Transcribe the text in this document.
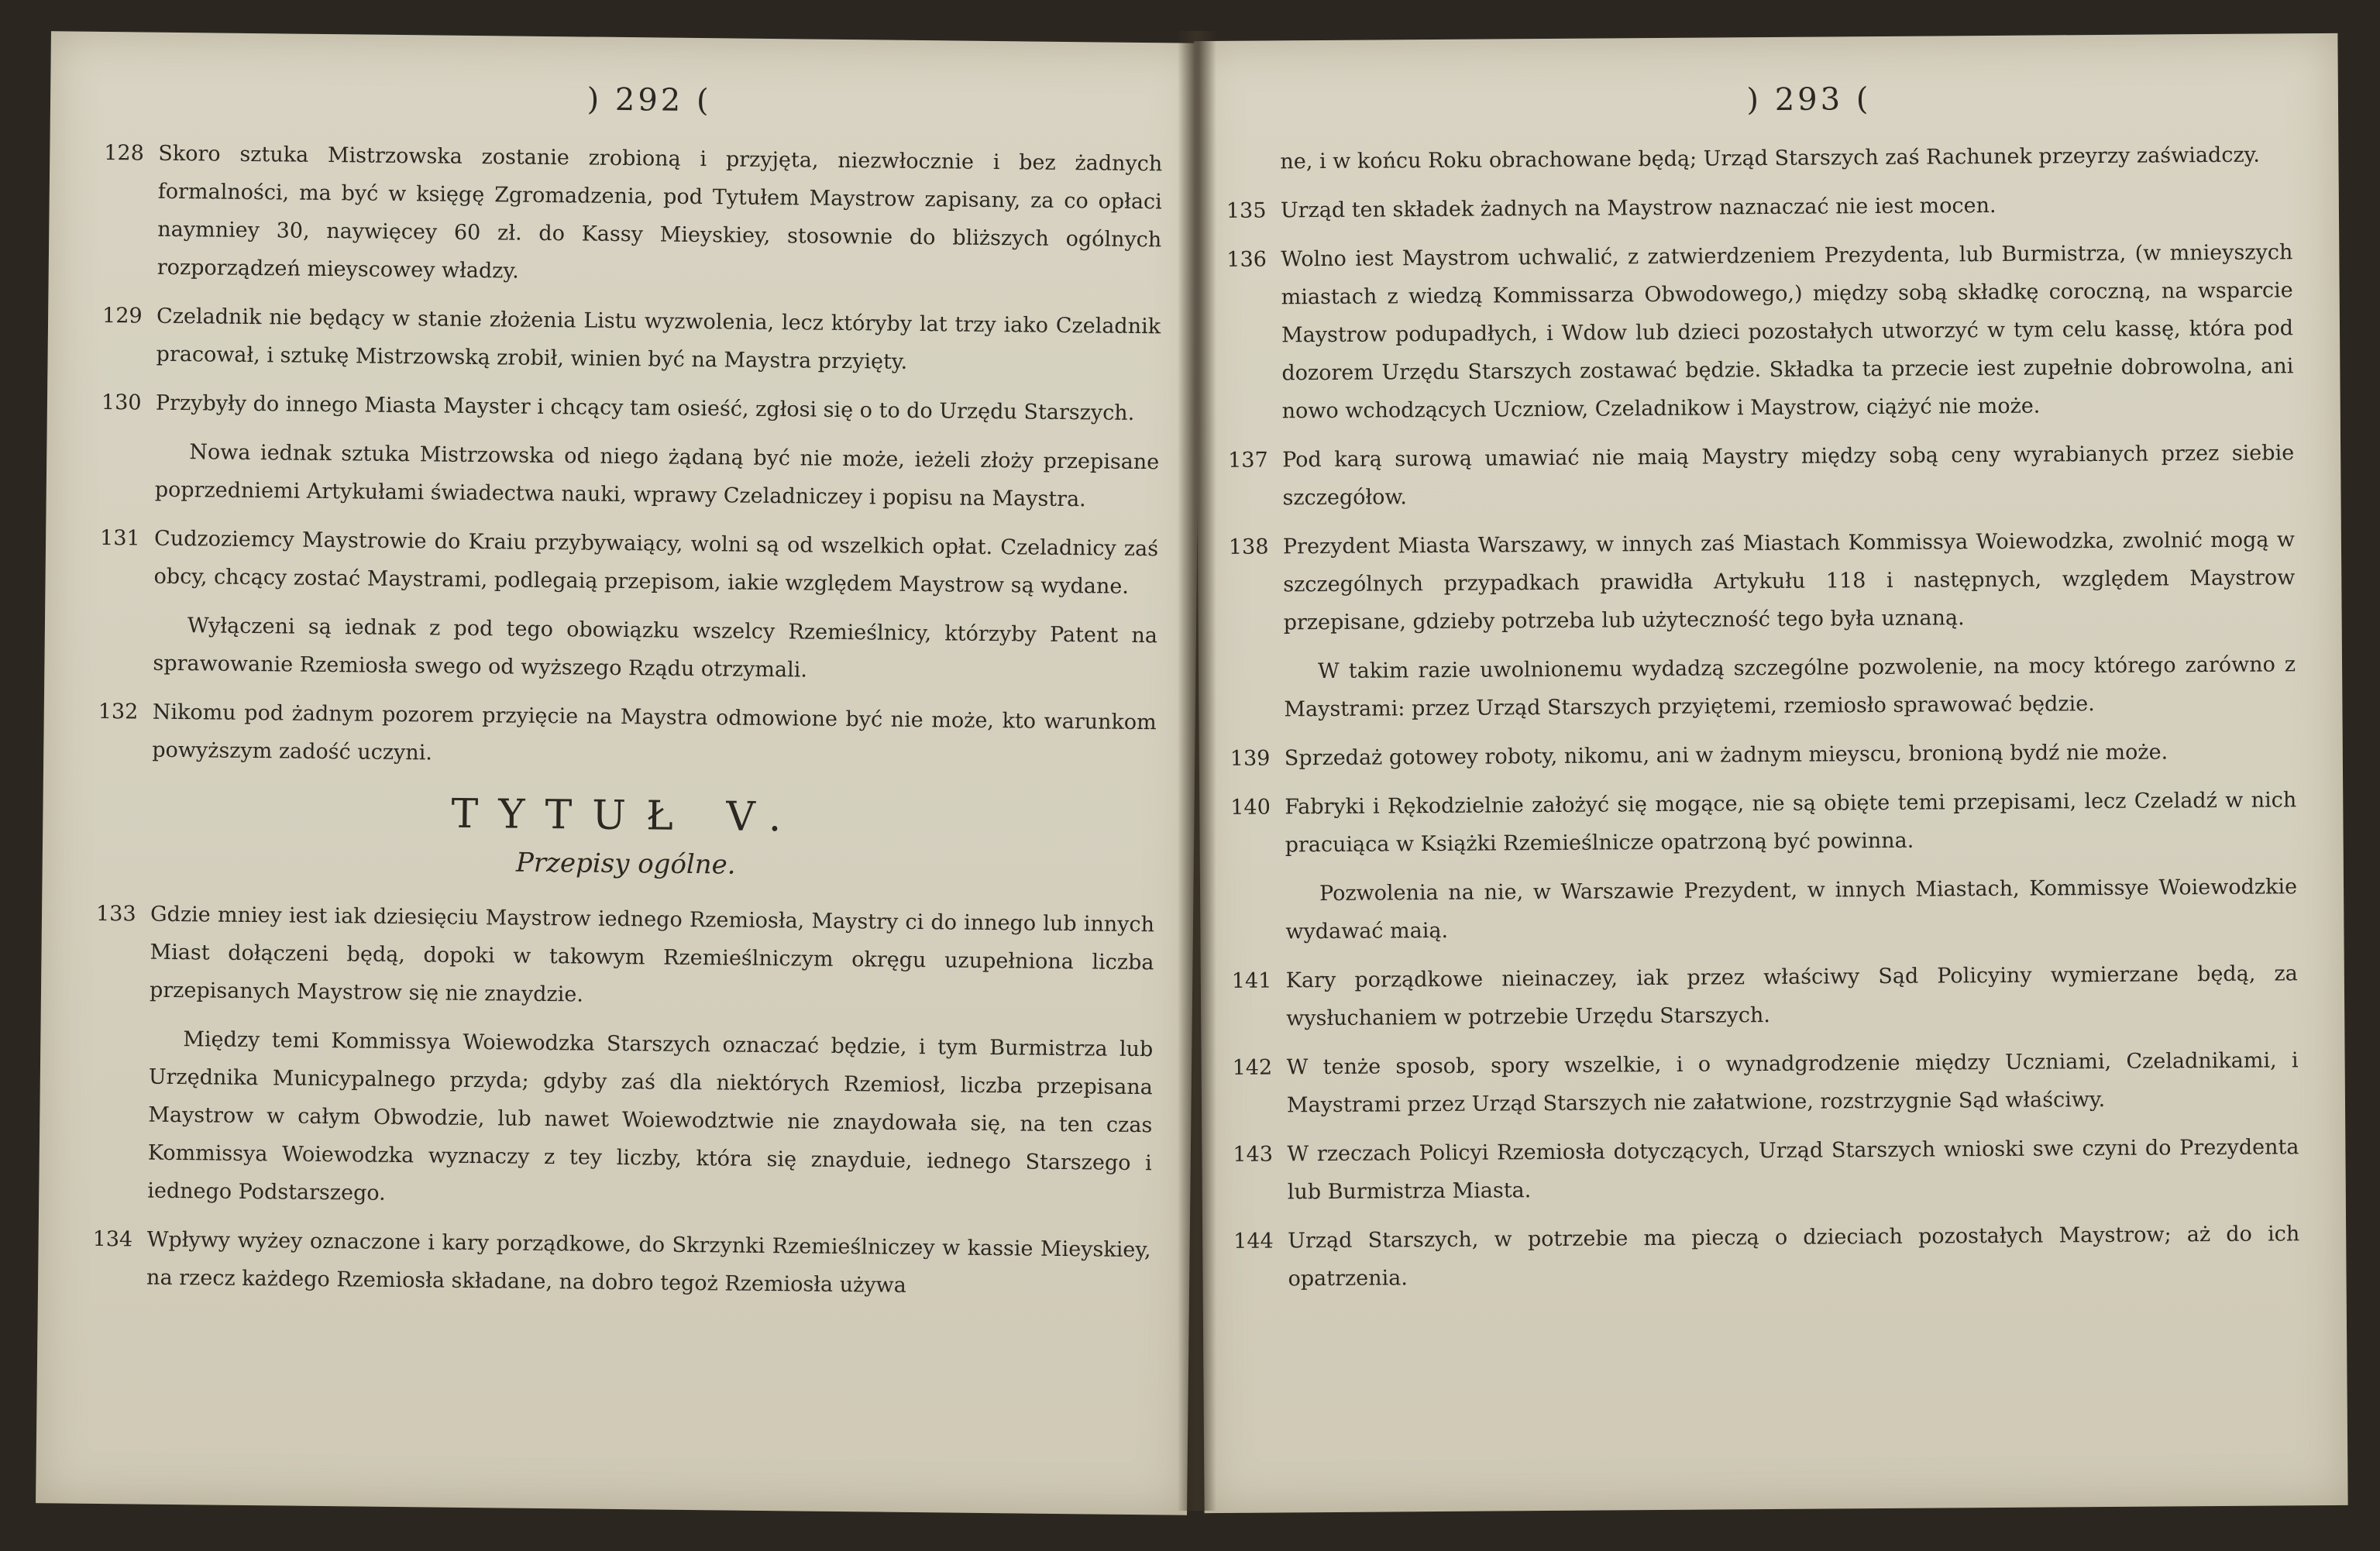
) 292 (
128 Skoro sztuka Mistrzowska zostanie zrobioną i przyjęta, niezwłocznie i bez żadnych formalności, ma być w księgę Zgromadzenia, pod Tytułem Maystrow zapisany, za co opłaci naymniey 30, naywięcey 60 zł. do Kassy Mieyskiey, stosownie do bliższych ogólnych rozporządzeń mieyscowey władzy.
129 Czeladnik nie będący w stanie złożenia Listu wyzwolenia, lecz któryby lat trzy iako Czeladnik pracował, i sztukę Mistrzowską zrobił, winien być na Maystra przyięty.
130 Przybyły do innego Miasta Mayster i chcący tam osieść, zgłosi się o to do Urzędu Starszych.
Nowa iednak sztuka Mistrzowska od niego żądaną być nie może, ieżeli złoży przepisane poprzedniemi Artykułami świadectwa nauki, wprawy Czeladniczey i popisu na Maystra.
131 Cudzoziemcy Maystrowie do Kraiu przybywaiący, wolni są od wszelkich opłat. Czeladnicy zaś obcy, chcący zostać Maystrami, podlegaią przepisom, iakie względem Maystrow są wydane.
Wyłączeni są iednak z pod tego obowiązku wszelcy Rzemieślnicy, którzyby Patent na sprawowanie Rzemiosła swego od wyższego Rządu otrzymali.
132 Nikomu pod żadnym pozorem przyięcie na Maystra odmowione być nie może, kto warunkom powyższym zadość uczyni.
TYTUŁ V.
Przepisy ogólne.
133 Gdzie mniey iest iak dziesięciu Maystrow iednego Rzemiosła, Maystry ci do innego lub innych Miast dołączeni będą, dopoki w takowym Rzemieślniczym okręgu uzupełniona liczba przepisanych Maystrow się nie znaydzie.
Między temi Kommissya Woiewodzka Starszych oznaczać będzie, i tym Burmistrza lub Urzędnika Municypalnego przyda; gdyby zaś dla niektórych Rzemiosł, liczba przepisana Maystrow w całym Obwodzie, lub nawet Woiewodztwie nie znaydowała się, na ten czas Kommissya Woiewodzka wyznaczy z tey liczby, która się znayduie, iednego Starszego i iednego Podstarszego.
134 Wpływy wyżey oznaczone i kary porządkowe, do Skrzynki Rzemieślniczey w kassie Mieyskiey, na rzecz każdego Rzemiosła składane, na dobro tegoż Rzemiosła używa
) 293 (
ne, i w końcu Roku obrachowane będą; Urząd Starszych zaś Rachunek przeyrzy zaświadczy.
135 Urząd ten składek żadnych na Maystrow naznaczać nie iest mocen.
136 Wolno iest Maystrom uchwalić, z zatwierdzeniem Prezydenta, lub Burmistrza, (w mnieyszych miastach z wiedzą Kommissarza Obwodowego,) między sobą składkę coroczną, na wsparcie Maystrow podupadłych, i Wdow lub dzieci pozostałych utworzyć w tym celu kassę, która pod dozorem Urzędu Starszych zostawać będzie. Składka ta przecie iest zupełnie dobrowolna, ani nowo wchodzących Uczniow, Czeladnikow i Maystrow, ciążyć nie może.
137 Pod karą surową umawiać nie maią Maystry między sobą ceny wyrabianych przez siebie szczegółow.
138 Prezydent Miasta Warszawy, w innych zaś Miastach Kommissya Woiewodzka, zwolnić mogą w szczególnych przypadkach prawidła Artykułu 118 i następnych, względem Maystrow przepisane, gdzieby potrzeba lub użyteczność tego była uznaną.
W takim razie uwolnionemu wydadzą szczególne pozwolenie, na mocy którego zarówno z Maystrami: przez Urząd Starszych przyiętemi, rzemiosło sprawować będzie.
139 Sprzedaż gotowey roboty, nikomu, ani w żadnym mieyscu, bronioną bydź nie może.
140 Fabryki i Rękodzielnie założyć się mogące, nie są obięte temi przepisami, lecz Czeladź w nich pracuiąca w Książki Rzemieślnicze opatrzoną być powinna.
Pozwolenia na nie, w Warszawie Prezydent, w innych Miastach, Kommissye Woiewodzkie wydawać maią.
141 Kary porządkowe nieinaczey, iak przez właściwy Sąd Policyiny wymierzane będą, za wysłuchaniem w potrzebie Urzędu Starszych.
142 W tenże sposob, spory wszelkie, i o wynadgrodzenie między Uczniami, Czeladnikami, i Maystrami przez Urząd Starszych nie załatwione, rozstrzygnie Sąd właściwy.
143 W rzeczach Policyi Rzemiosła dotyczących, Urząd Starszych wnioski swe czyni do Prezydenta lub Burmistrza Miasta.
144 Urząd Starszych, w potrzebie ma pieczą o dzieciach pozostałych Maystrow; aż do ich opatrzenia.
